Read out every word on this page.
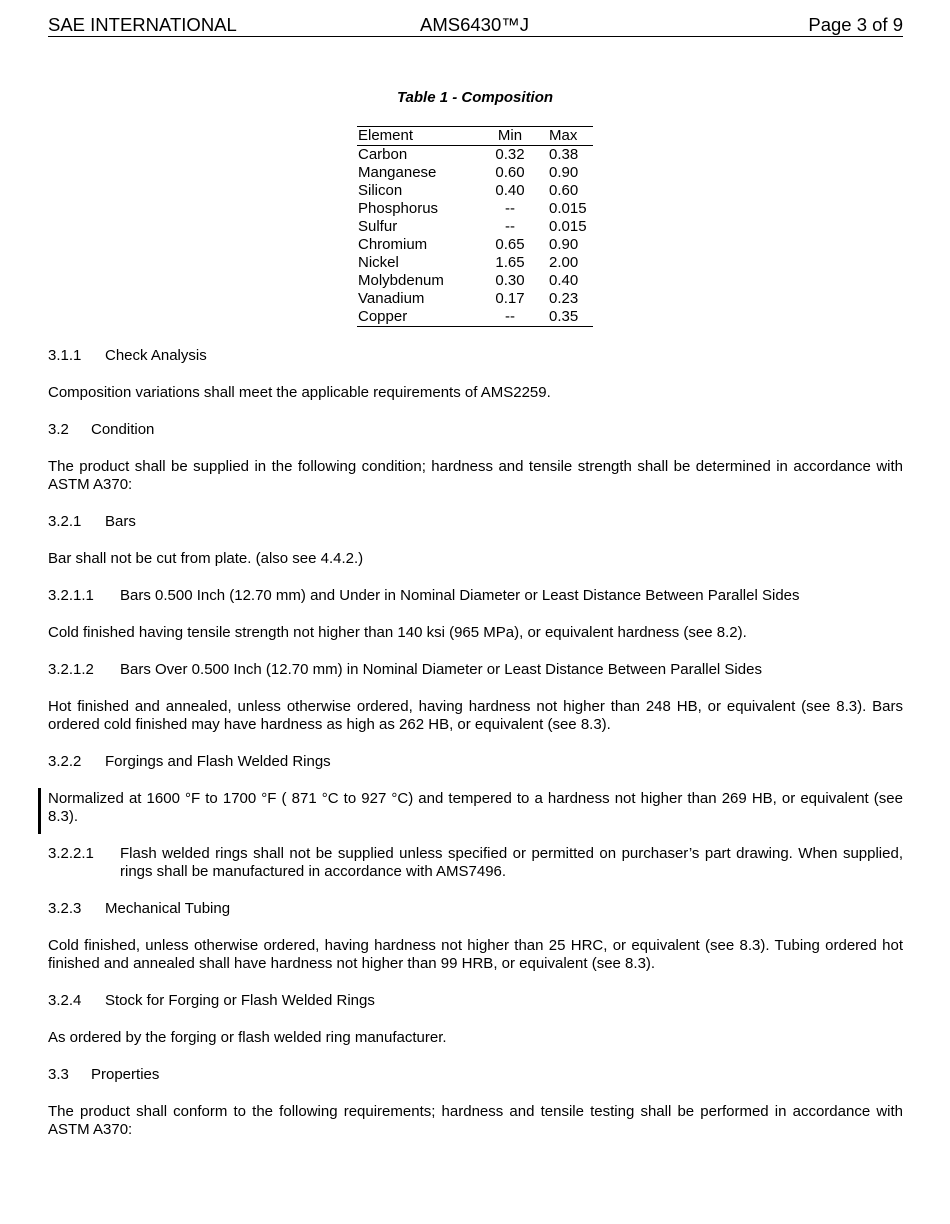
SAE INTERNATIONAL	AMS6430™J	Page 3 of 9
Table 1 - Composition
Element	Min	Max
Carbon	0.32	0.38
Manganese	0.60	0.90
Silicon	0.40	0.60
Phosphorus	--	0.015
Sulfur	--	0.015
Chromium	0.65	0.90
Nickel	1.65	2.00
Molybdenum	0.30	0.40
Vanadium	0.17	0.23
Copper	--	0.35
3.1.1 Check Analysis
Composition variations shall meet the applicable requirements of AMS2259.
3.2 Condition
The product shall be supplied in the following condition; hardness and tensile strength shall be determined in accordance with ASTM A370:
3.2.1 Bars
Bar shall not be cut from plate. (also see 4.4.2.)
3.2.1.1 Bars 0.500 Inch (12.70 mm) and Under in Nominal Diameter or Least Distance Between Parallel Sides
Cold finished having tensile strength not higher than 140 ksi (965 MPa), or equivalent hardness (see 8.2).
3.2.1.2 Bars Over 0.500 Inch (12.70 mm) in Nominal Diameter or Least Distance Between Parallel Sides
Hot finished and annealed, unless otherwise ordered, having hardness not higher than 248 HB, or equivalent (see 8.3). Bars ordered cold finished may have hardness as high as 262 HB, or equivalent (see 8.3).
3.2.2 Forgings and Flash Welded Rings
Normalized at 1600 °F to 1700 °F ( 871 °C to 927 °C) and tempered to a hardness not higher than 269 HB, or equivalent (see 8.3).
3.2.2.1 Flash welded rings shall not be supplied unless specified or permitted on purchaser’s part drawing. When supplied, rings shall be manufactured in accordance with AMS7496.
3.2.3 Mechanical Tubing
Cold finished, unless otherwise ordered, having hardness not higher than 25 HRC, or equivalent (see 8.3). Tubing ordered hot finished and annealed shall have hardness not higher than 99 HRB, or equivalent (see 8.3).
3.2.4 Stock for Forging or Flash Welded Rings
As ordered by the forging or flash welded ring manufacturer.
3.3 Properties
The product shall conform to the following requirements; hardness and tensile testing shall be performed in accordance with ASTM A370:
